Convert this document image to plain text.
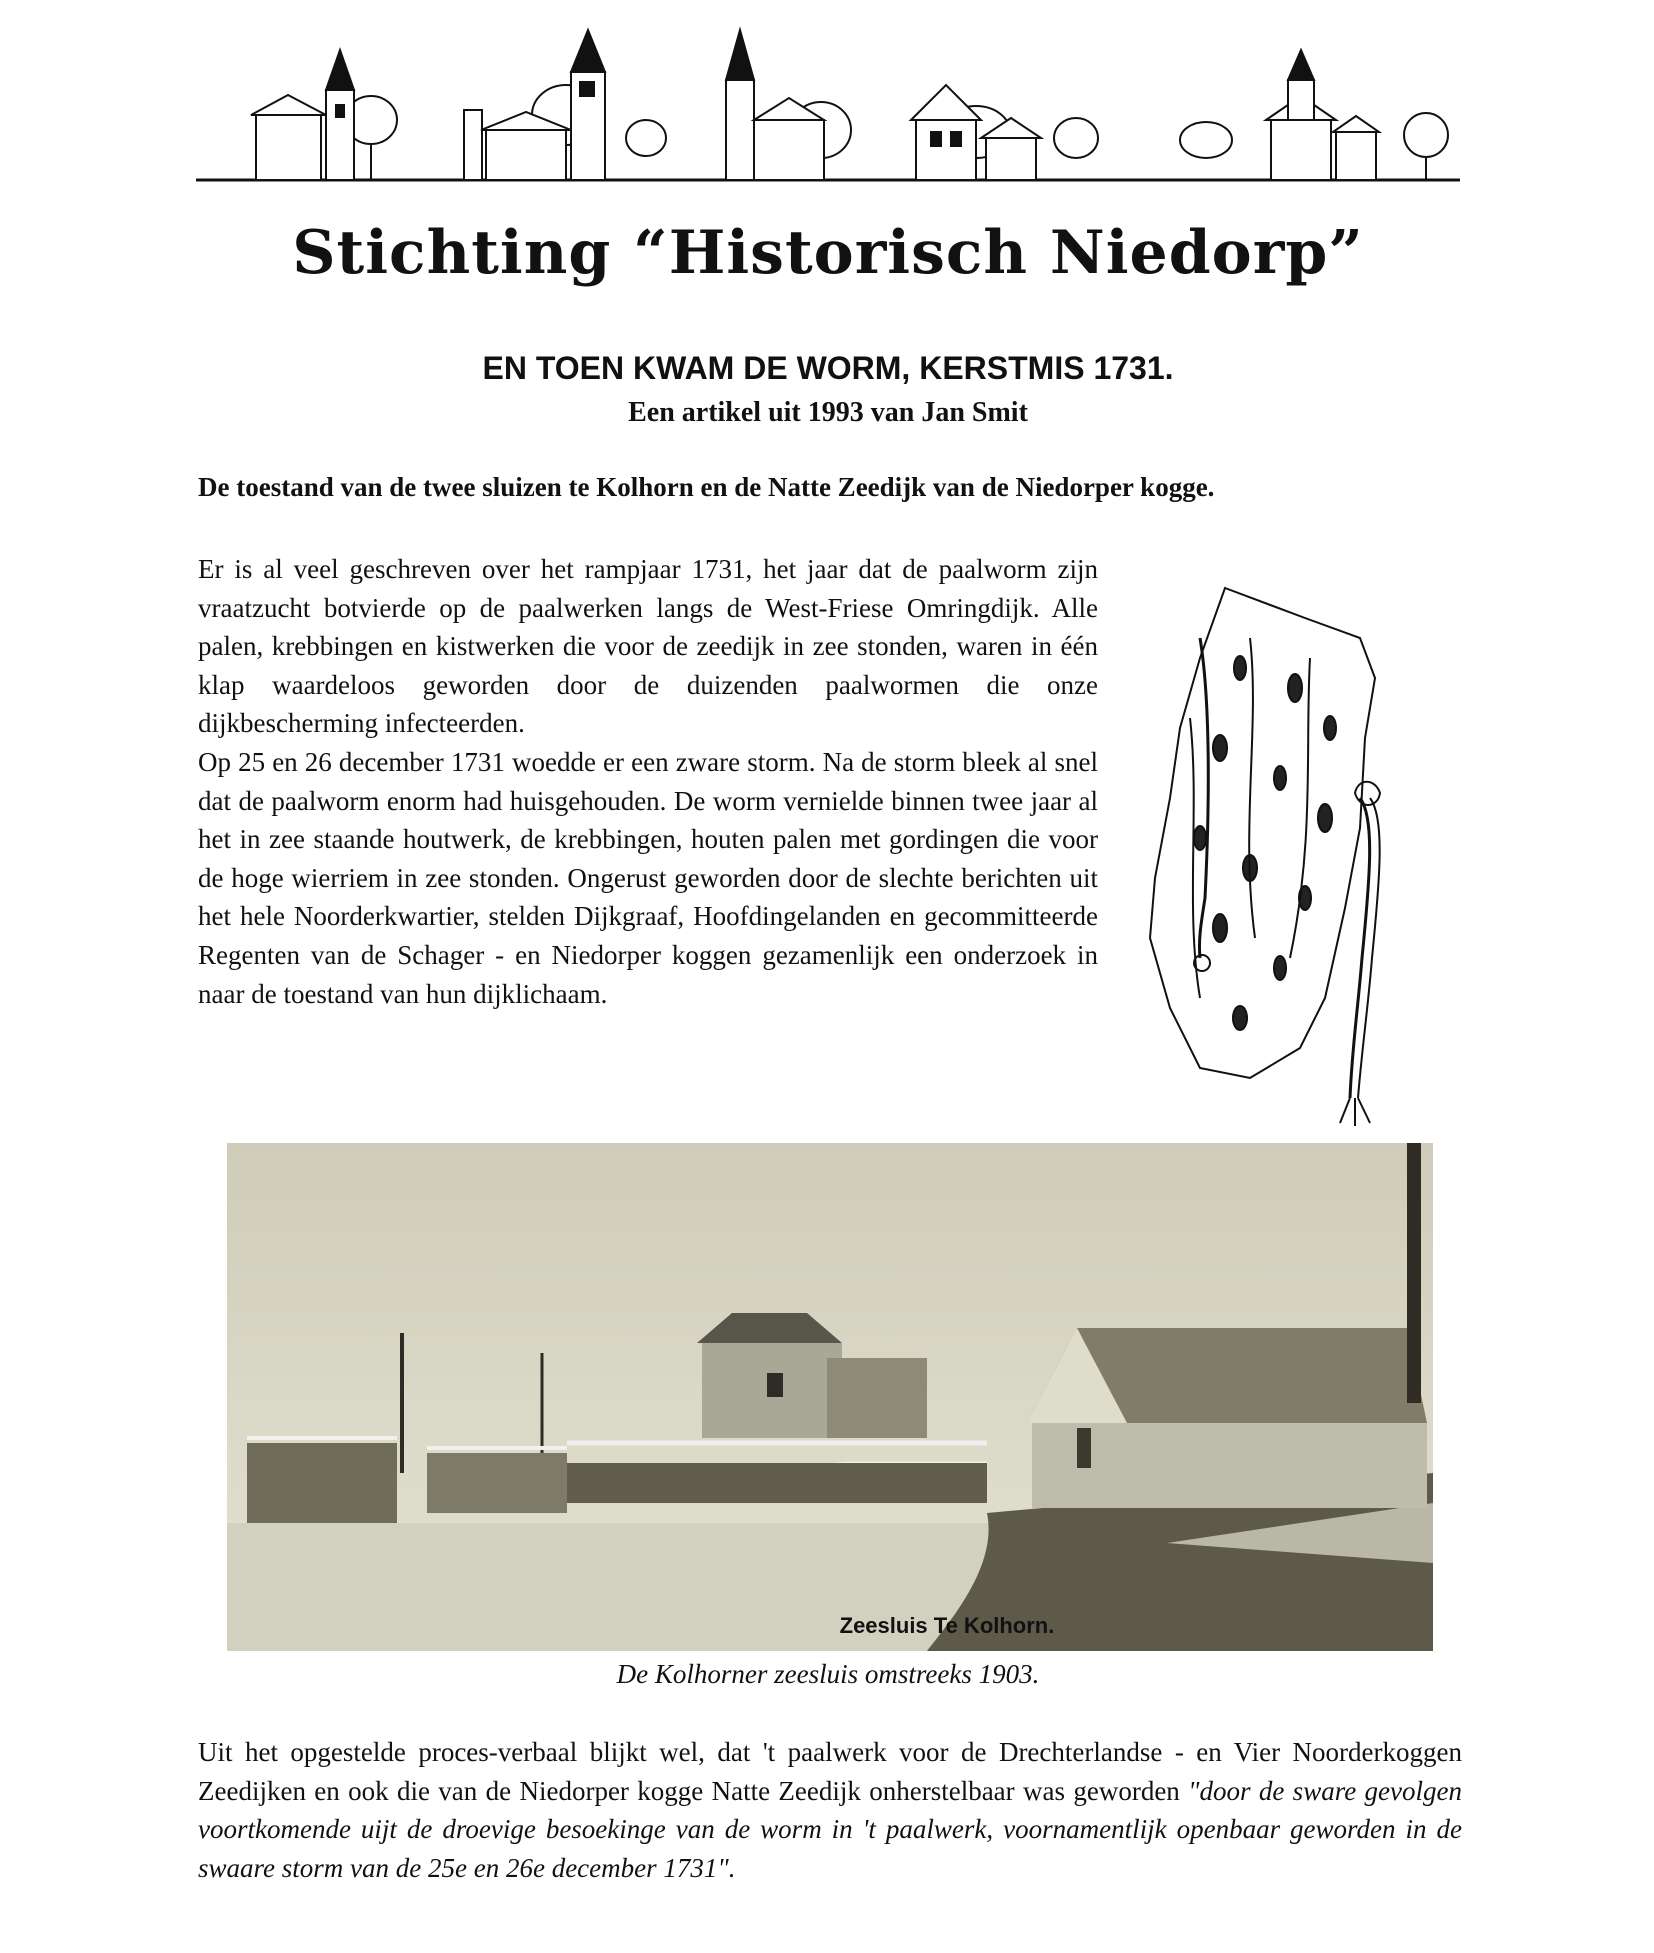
Stichting “Historisch Niedorp”
EN TOEN KWAM DE WORM, KERSTMIS 1731.
Een artikel uit 1993 van Jan Smit
De toestand van de twee sluizen te Kolhorn en de Natte Zeedijk van de Niedorper kogge.

Er is al veel geschreven over het rampjaar 1731, het jaar dat de paalworm zijn vraatzucht botvierde op de paalwerken langs de West-Friese Omringdijk. Alle palen, krebbingen en kistwerken die voor de zeedijk in zee stonden, waren in één klap waardeloos geworden door de duizenden paalwormen die onze dijkbescherming infecteerden.

Op 25 en 26 december 1731 woedde er een zware storm. Na de storm bleek al snel dat de paalworm enorm had huisgehouden. De worm vernielde binnen twee jaar al het in zee staande houtwerk, de krebbingen, houten palen met gordingen die voor de hoge wierriem in zee stonden. Ongerust geworden door de slechte berichten uit het hele Noorderkwartier, stelden Dijkgraaf, Hoofdingelanden en gecommitteerde Regenten van de Schager - en Niedorper koggen gezamenlijk een onderzoek in naar de toestand van hun dijklichaam.

Zeesluis Te Kolhorn.
De Kolhorner zeesluis omstreeks 1903.

Uit het opgestelde proces-verbaal blijkt wel, dat 't paalwerk voor de Drechterlandse - en Vier Noorderkoggen Zeedijken en ook die van de Niedorper kogge Natte Zeedijk onherstelbaar was geworden "door de sware gevolgen voortkomende uijt de droevige besoekinge van de worm in 't paalwerk, voornamentlijk openbaar geworden in de swaare storm van de 25e en 26e december 1731".
